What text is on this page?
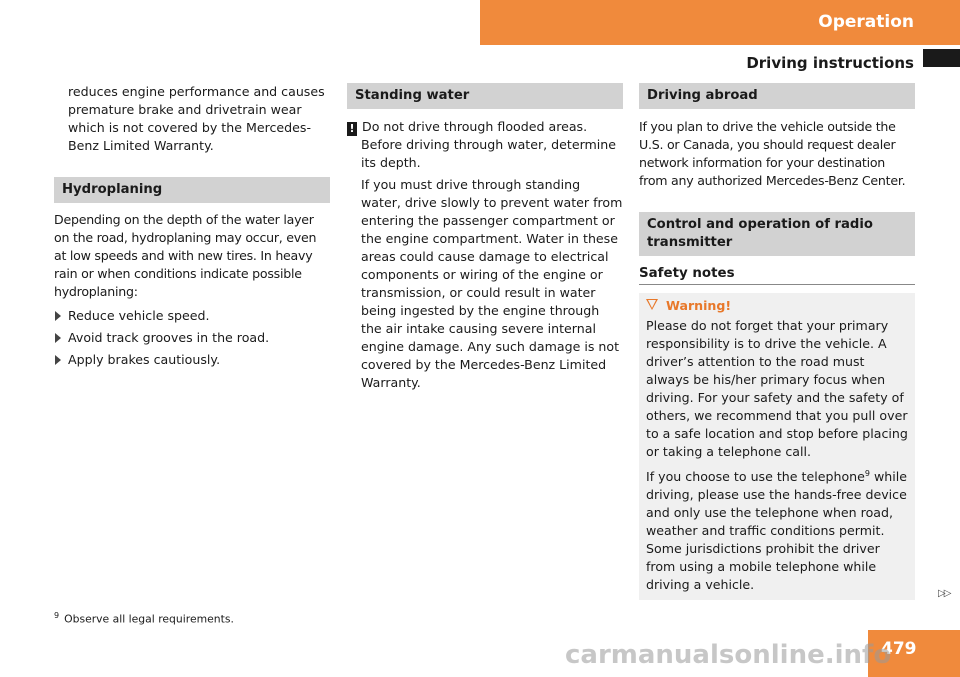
Operation
Driving instructions

reduces engine performance and causes premature brake and drivetrain wear which is not covered by the Mercedes-Benz Limited Warranty.

Hydroplaning

Depending on the depth of the water layer on the road, hydroplaning may occur, even at low speeds and with new tires. In heavy rain or when conditions indicate possible hydroplaning:

Reduce vehicle speed.
Avoid track grooves in the road.
Apply brakes cautiously.
Standing water

! Do not drive through flooded areas.

Before driving through water, determine its depth.

If you must drive through standing water, drive slowly to prevent water from entering the passenger compartment or the engine compartment. Water in these areas could cause damage to electrical components or wiring of the engine or transmission, or could result in water being ingested by the engine through the air intake causing severe internal engine damage. Any such damage is not covered by the Mercedes-Benz Limited Warranty.

Driving abroad

If you plan to drive the vehicle outside the U.S. or Canada, you should request dealer network information for your destination from any authorized Mercedes-Benz Center.

Control and operation of radio transmitter
Safety notes
Warning!

Please do not forget that your primary responsibility is to drive the vehicle. A driver’s attention to the road must always be his/her primary focus when driving. For your safety and the safety of others, we recommend that you pull over to a safe location and stop before placing or taking a telephone call.

If you choose to use the telephone$^9$ while driving, please use the hands-free device and only use the telephone when road, weather and traffic conditions permit. Some jurisdictions prohibit the driver from using a mobile telephone while driving a vehicle.

$^9$ Observe all legal requirements.
▷▷
479
carmanualsonline.info
